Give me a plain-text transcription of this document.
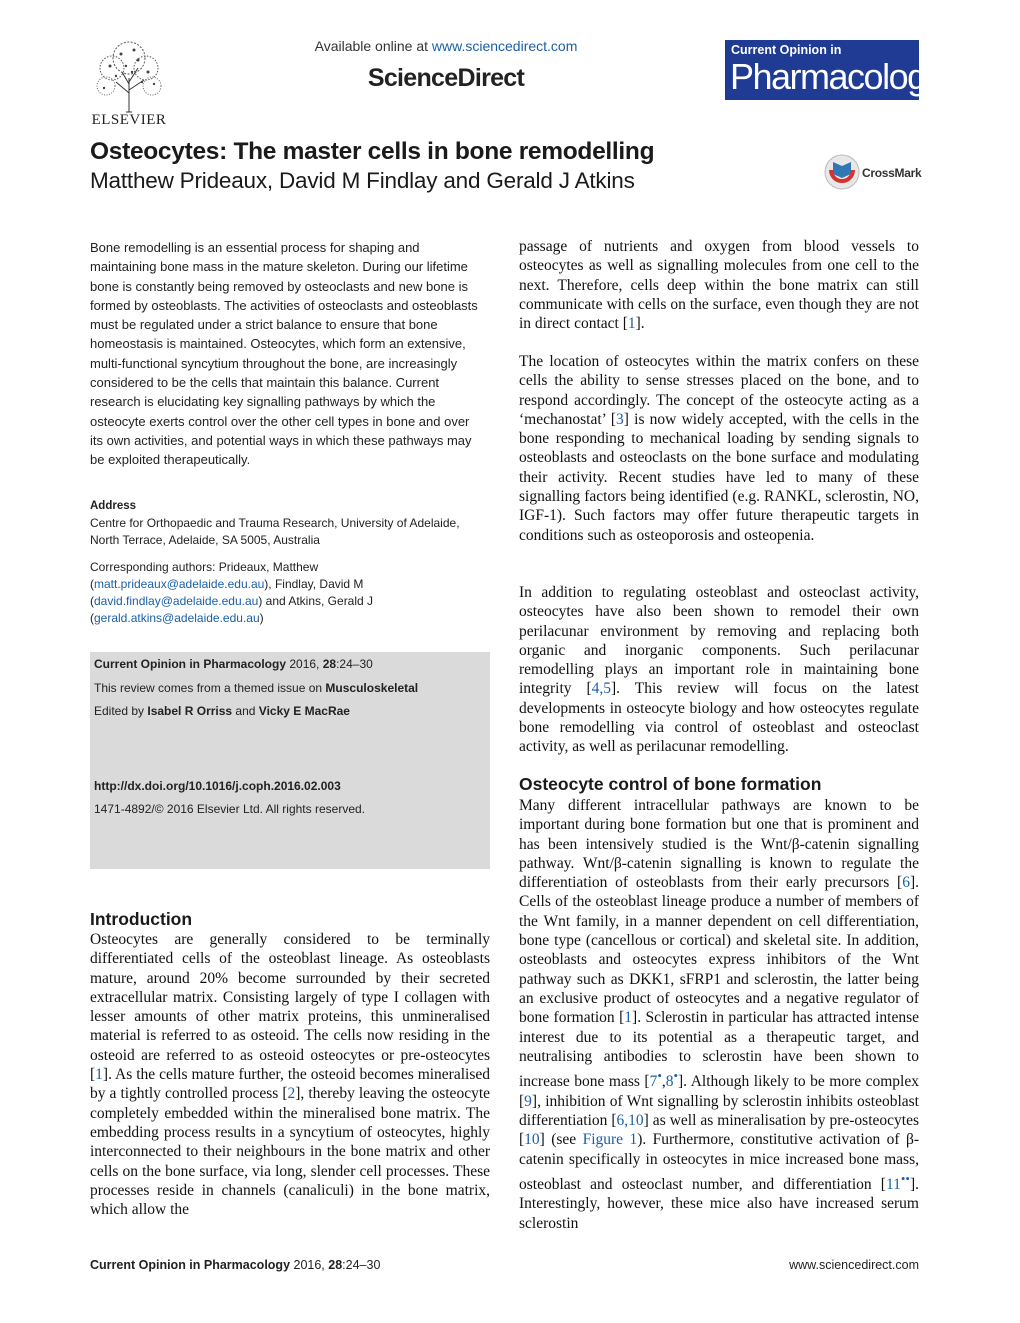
ELSEVIER
Available online at www.sciencedirect.com
ScienceDirect
Current Opinion in
Pharmacology
Osteocytes: The master cells in bone remodelling
Matthew Prideaux, David M Findlay and Gerald J Atkins	CrossMark
Bone remodelling is an essential process for shaping and maintaining bone mass in the mature skeleton. During our lifetime bone is constantly being removed by osteoclasts and new bone is formed by osteoblasts. The activities of osteoclasts and osteoblasts must be regulated under a strict balance to ensure that bone homeostasis is maintained. Osteocytes, which form an extensive, multi-functional syncytium throughout the bone, are increasingly considered to be the cells that maintain this balance. Current research is elucidating key signalling pathways by which the osteocyte exerts control over the other cell types in bone and over its own activities, and potential ways in which these pathways may be exploited therapeutically.
Address
Centre for Orthopaedic and Trauma Research, University of Adelaide, North Terrace, Adelaide, SA 5005, Australia
Corresponding authors: Prideaux, Matthew
(matt.prideaux@adelaide.edu.au), Findlay, David M
(david.findlay@adelaide.edu.au) and Atkins, Gerald J
(gerald.atkins@adelaide.edu.au)
Current Opinion in Pharmacology 2016, 28:24–30
This review comes from a themed issue on Musculoskeletal
Edited by Isabel R Orriss and Vicky E MacRae
http://dx.doi.org/10.1016/j.coph.2016.02.003
1471-4892/© 2016 Elsevier Ltd. All rights reserved.
Introduction
Osteocytes are generally considered to be terminally differentiated cells of the osteoblast lineage. As osteoblasts mature, around 20% become surrounded by their secreted extracellular matrix. Consisting largely of type I collagen with lesser amounts of other matrix proteins, this unmineralised material is referred to as osteoid. The cells now residing in the osteoid are referred to as osteoid osteocytes or pre-osteocytes [1]. As the cells mature further, the osteoid becomes mineralised by a tightly controlled process [2], thereby leaving the osteocyte completely embedded within the mineralised bone matrix. The embedding process results in a syncytium of osteocytes, highly interconnected to their neighbours in the bone matrix and other cells on the bone surface, via long, slender cell processes. These processes reside in channels (canaliculi) in the bone matrix, which allow the

passage of nutrients and oxygen from blood vessels to osteocytes as well as signalling molecules from one cell to the next. Therefore, cells deep within the bone matrix can still communicate with cells on the surface, even though they are not in direct contact [1].

The location of osteocytes within the matrix confers on these cells the ability to sense stresses placed on the bone, and to respond accordingly. The concept of the osteocyte acting as a ‘mechanostat’ [3] is now widely accepted, with the cells in the bone responding to mechanical loading by sending signals to osteoblasts and osteoclasts on the bone surface and modulating their activity. Recent studies have led to many of these signalling factors being identified (e.g. RANKL, sclerostin, NO, IGF-1). Such factors may offer future therapeutic targets in conditions such as osteoporosis and osteopenia.

In addition to regulating osteoblast and osteoclast activity, osteocytes have also been shown to remodel their own perilacunar environment by removing and replacing both organic and inorganic components. Such perilacunar remodelling plays an important role in maintaining bone integrity [4,5]. This review will focus on the latest developments in osteocyte biology and how osteocytes regulate bone remodelling via control of osteoblast and osteoclast activity, as well as perilacunar remodelling.

Osteocyte control of bone formation

Many different intracellular pathways are known to be important during bone formation but one that is prominent and has been intensively studied is the Wnt/β-catenin signalling pathway. Wnt/β-catenin signalling is known to regulate the differentiation of osteoblasts from their early precursors [6]. Cells of the osteoblast lineage produce a number of members of the Wnt family, in a manner dependent on cell differentiation, bone type (cancellous or cortical) and skeletal site. In addition, osteoblasts and osteocytes express inhibitors of the Wnt pathway such as DKK1, sFRP1 and sclerostin, the latter being an exclusive product of osteocytes and a negative regulator of bone formation [1]. Sclerostin in particular has attracted intense interest due to its potential as a therapeutic target, and neutralising antibodies to sclerostin have been shown to increase bone mass [7•,8•]. Although likely to be more complex [9], inhibition of Wnt signalling by sclerostin inhibits osteoblast differentiation [6,10] as well as mineralisation by pre-osteocytes [10] (see Figure 1). Furthermore, constitutive activation of β-catenin specifically in osteocytes in mice increased bone mass, osteoblast and osteoclast number, and differentiation [11••]. Interestingly, however, these mice also have increased serum sclerostin

Current Opinion in Pharmacology 2016, 28:24–30	www.sciencedirect.com
